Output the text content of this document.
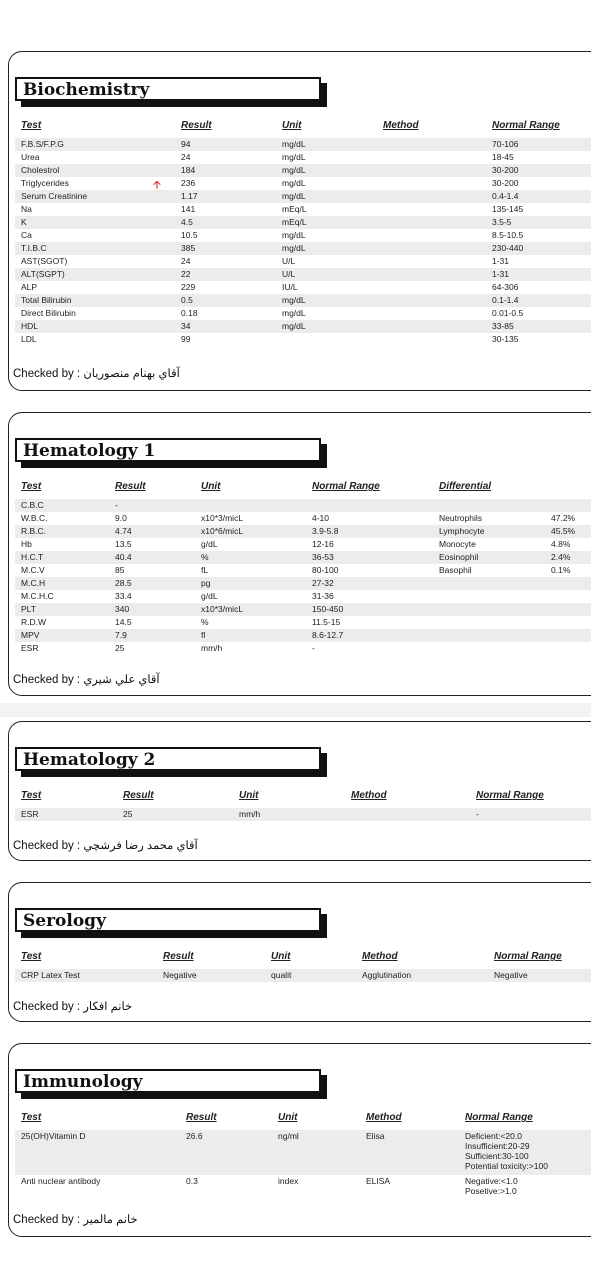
Biochemistry
Test	Result	Unit	Method	Normal Range
F.B.S/F.P.G	94	mg/dL		70-106
Urea	24	mg/dL		18-45
Cholestrol	184	mg/dL		30-200
Triglycerides	236	mg/dL		30-200
Serum Creatinine	1.17	mg/dL		0.4-1.4
Na	141	mEq/L		135-145
K	4.5	mEq/L		3.5-5
Ca	10.5	mg/dL		8.5-10.5
T.I.B.C	385	mg/dL		230-440
AST(SGOT)	24	U/L		1-31
ALT(SGPT)	22	U/L		1-31
ALP	229	IU/L		64-306
Total Bilirubin	0.5	mg/dL		0.1-1.4
Direct Bilirubin	0.18	mg/dL		0.01-0.5
HDL	34	mg/dL		33-85
LDL	99			30-135
🡩
Checked by : آقاي بهنام منصوريان
Hematology 1
Test	Result	Unit	Normal Range	Differential	
C.B.C	-				
W.B.C.	9.0	x10*3/micL	4-10	Neutrophils	47.2%
R.B.C.	4.74	x10*6/micL	3.9-5.8	Lymphocyte	45.5%
Hb	13.5	g/dL	12-16	Monocyte	4.8%
H.C.T	40.4	%	36-53	Eosinophil	2.4%
M.C.V	85	fL	80-100	Basophil	0.1%
M.C.H	28.5	pg	27-32		
M.C.H.C	33.4	g/dL	31-36		
PLT	340	x10*3/micL	150-450		
R.D.W	14.5	%	11.5-15		
MPV	7.9	fl	8.6-12.7		
ESR	25	mm/h	-		
Checked by : آقاي علي شيري
Hematology 2
Test	Result	Unit	Method	Normal Range
ESR	25	mm/h		-
Checked by : آقاي محمد رضا فرشچي
Serology
Test	Result	Unit	Method	Normal Range
CRP Latex Test	Negative	qualit	Agglutination	Negative
Checked by : خانم افكار
Immunology
Test	Result	Unit	Method	Normal Range
25(OH)Vitamin D	26.6	ng/ml	Elisa	Deficient:<20.0
Insufficient:20-29
Sufficient:30-100
Potential toxicity:>100

Anti nuclear antibody	0.3	index	ELISA	Negative:<1.0
Posetive:>1.0
Checked by : خانم مالمير
